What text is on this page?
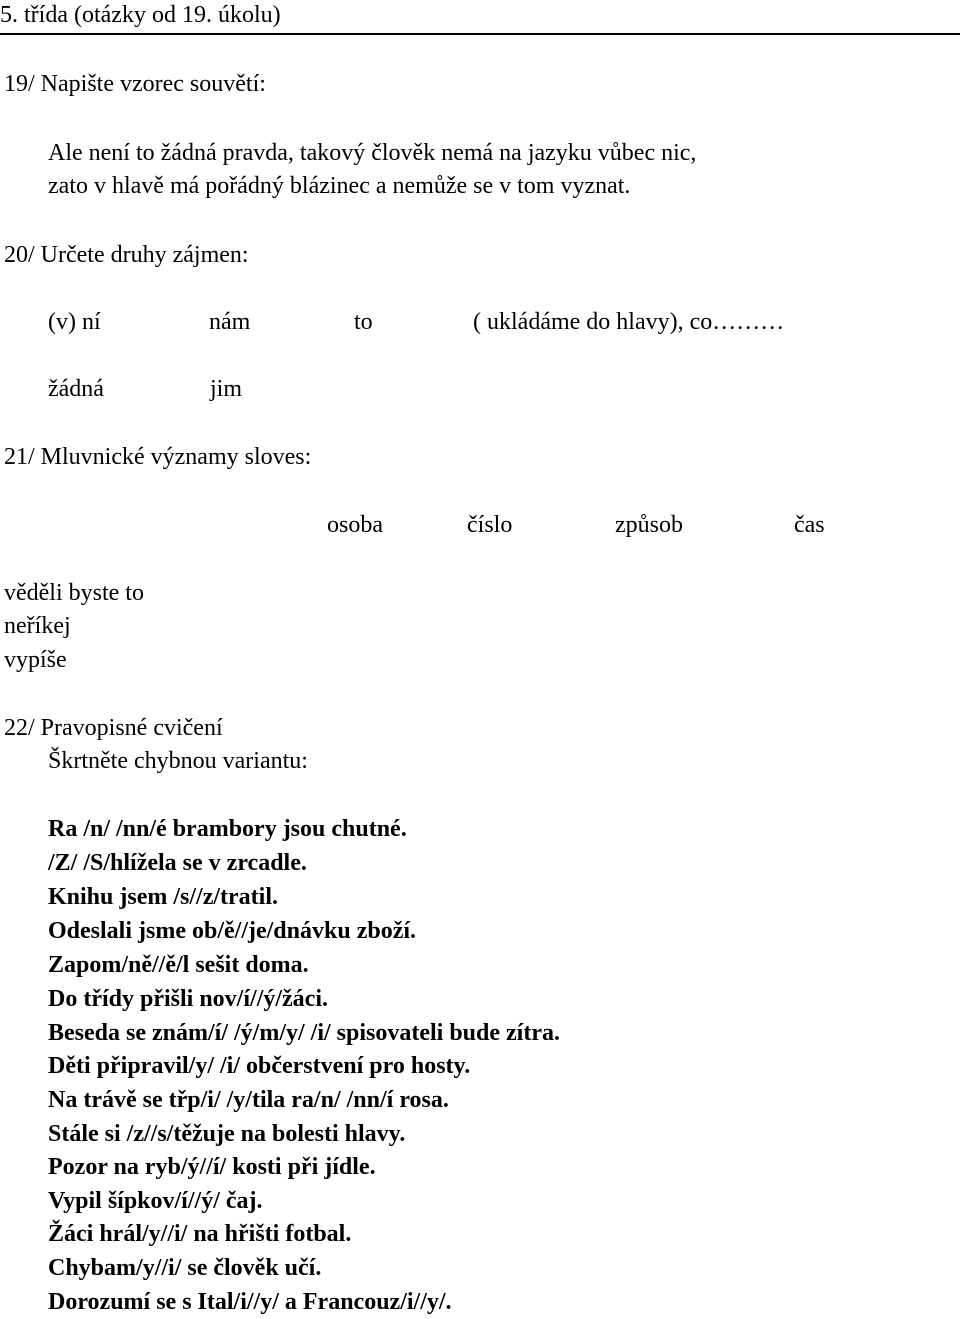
5. třída (otázky od 19. úkolu)
19/ Napište vzorec souvětí:
Ale není to žádná pravda, takový člověk nemá na jazyku vůbec nic,
zato v hlavě má pořádný blázinec a nemůže se v tom vyznat.
20/ Určete druhy zájmen:
(v) ní	nám	to	( ukládáme do hlavy), co………
žádná	jim
21/ Mluvnické významy sloves:
osoba	číslo	způsob	čas
věděli byste to
neříkej
vypíše
22/ Pravopisné cvičení
Škrtněte chybnou variantu:
Ra /n/ /nn/é brambory jsou chutné.
/Z/ /S/hlížela se v zrcadle.
Knihu jsem /s//z/tratil.
Odeslali jsme ob/ě//je/dnávku zboží.
Zapom/ně//ě/l sešit doma.
Do třídy přišli nov/í//ý/žáci.
Beseda se znám/í/ /ý/m/y/ /i/ spisovateli bude zítra.
Děti připravil/y/ /i/ občerstvení pro hosty.
Na trávě se třp/i/ /y/tila ra/n/ /nn/í rosa.
Stále si /z//s/těžuje na bolesti hlavy.
Pozor na ryb/ý//í/ kosti při jídle.
Vypil šípkov/í//ý/ čaj.
Žáci hrál/y//i/ na hřišti fotbal.
Chybam/y//i/ se člověk učí.
Dorozumí se s Ital/i//y/ a Francouz/i//y/.
